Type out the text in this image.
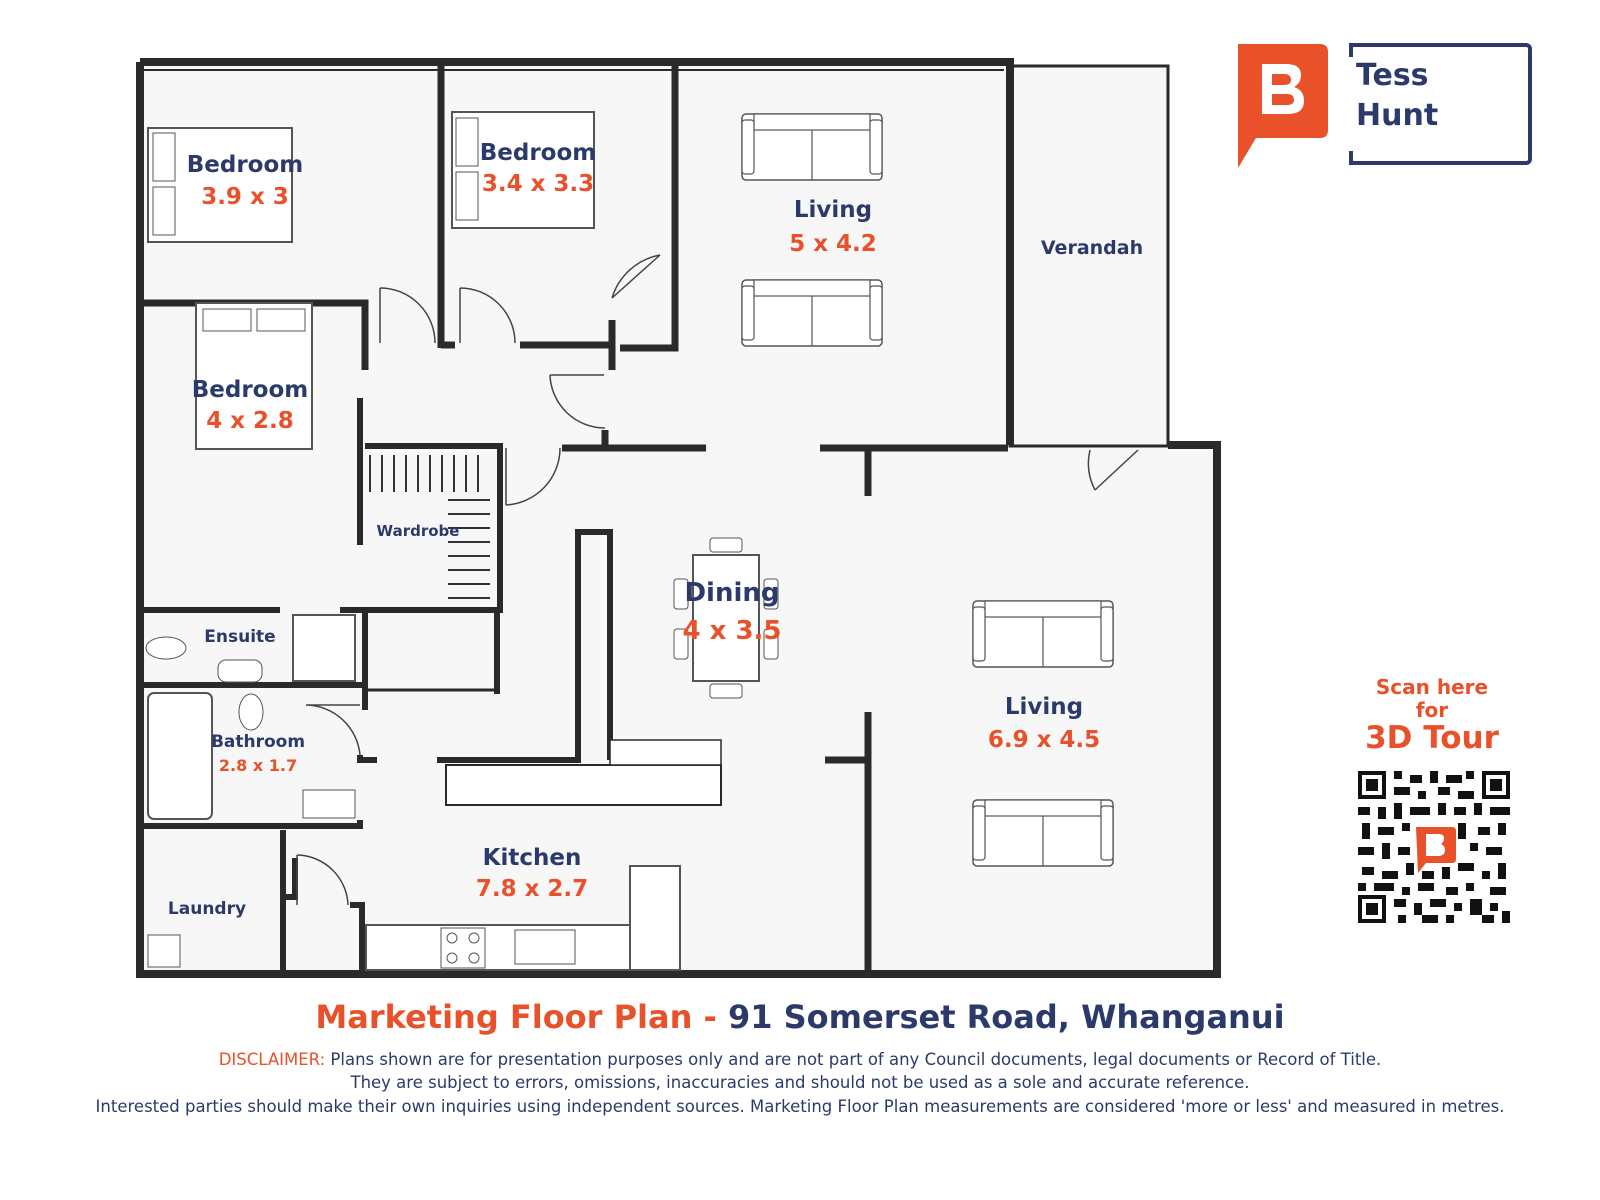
Bedroom
3.9 x 3
Bedroom
3.4 x 3.3
Bedroom
4 x 2.8
Living
5 x 4.2	Verandah
Wardrobe
Dining
4 x 3.5
Living
6.9 x 4.5
Ensuite
Bathroom
2.8 x 1.7
Kitchen
7.8 x 2.7
Laundry
Tess
Hunt
Scan here
for
3D Tour
Marketing Floor Plan - 91 Somerset Road, Whanganui
DISCLAIMER: Plans shown are for presentation purposes only and are not part of any Council documents, legal documents or Record of Title.
They are subject to errors, omissions, inaccuracies and should not be used as a sole and accurate reference.
Interested parties should make their own inquiries using independent sources. Marketing Floor Plan measurements are considered 'more or less' and measured in metres.
